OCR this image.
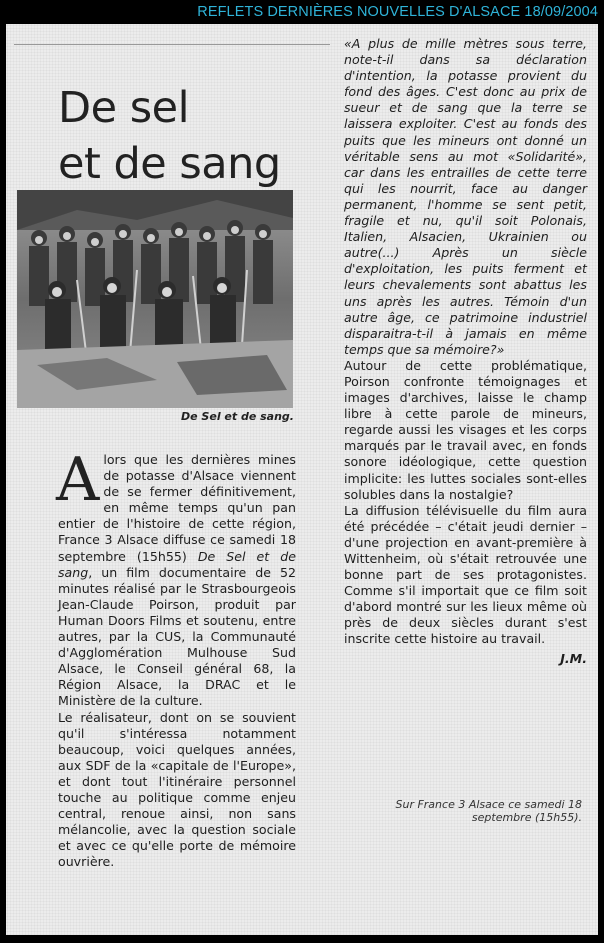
REFLETS DERNIÈRES NOUVELLES D'ALSACE 18/09/2004
De sel
et de sang
De Sel et de sang.

Alors que les dernières mines de potasse d'Alsace viennent de se fermer définitivement, en même temps qu'un pan entier de l'histoire de cette région, France 3 Alsace diffuse ce samedi 18 septembre (15h55) De Sel et de sang, un film documentaire de 52 minutes réalisé par le Strasbourgeois Jean-Claude Poirson, produit par Human Doors Films et soutenu, entre autres, par la CUS, la Communauté d'Agglomération Mulhouse Sud Alsace, le Conseil général 68, la Région Alsace, la DRAC et le Ministère de la culture.

Le réalisateur, dont on se souvient qu'il s'intéressa notamment beaucoup, voici quelques années, aux SDF de la «capitale de l'Europe», et dont tout l'itinéraire personnel touche au politique comme enjeu central, renoue ainsi, non sans mélancolie, avec la question sociale et avec ce qu'elle porte de mémoire ouvrière.

«A plus de mille mètres sous terre, note-t-il dans sa déclaration d'intention, la potasse provient du fond des âges. C'est donc au prix de sueur et de sang que la terre se laissera exploiter. C'est au fonds des puits que les mineurs ont donné un véritable sens au mot «Solidarité», car dans les entrailles de cette terre qui les nourrit, face au danger permanent, l'homme se sent petit, fragile et nu, qu'il soit Polonais, Italien, Alsacien, Ukrainien ou autre(...) Après un siècle d'exploitation, les puits ferment et leurs chevalements sont abattus les uns après les autres. Témoin d'un autre âge, ce patrimoine industriel disparaitra-t-il à jamais en même temps que sa mémoire?»

Autour de cette problématique, Poirson confronte témoignages et images d'archives, laisse le champ libre à cette parole de mineurs, regarde aussi les visages et les corps marqués par le travail avec, en fonds sonore idéologique, cette question implicite: les luttes sociales sont-elles solubles dans la nostalgie?

La diffusion télévisuelle du film aura été précédée – c'était jeudi dernier – d'une projection en avant-première à Wittenheim, où s'était retrouvée une bonne part de ses protagonistes. Comme s'il importait que ce film soit d'abord montré sur les lieux même où près de deux siècles durant s'est inscrite cette histoire au travail.

J.M.

Sur France 3 Alsace ce samedi 18 septembre (15h55).
